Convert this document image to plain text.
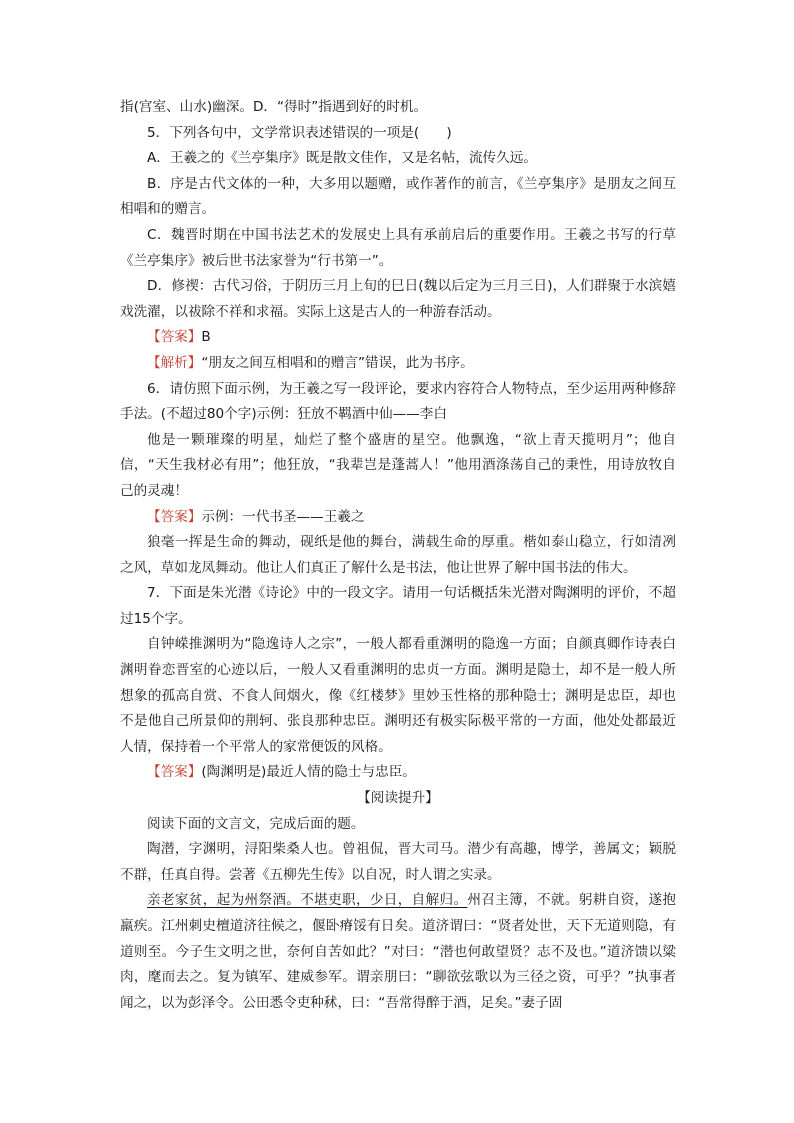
指(宫室、山水)幽深。D．“得时”指遇到好的时机。

5．下列各句中，文学常识表述错误的一项是(　　)

A．王羲之的《兰亭集序》既是散文佳作，又是名帖，流传久远。

B．序是古代文体的一种，大多用以题赠，或作著作的前言，《兰亭集序》是朋友之间互相唱和的赠言。

C．魏晋时期在中国书法艺术的发展史上具有承前启后的重要作用。王羲之书写的行草《兰亭集序》被后世书法家誉为“行书第一”。

D．修禊：古代习俗，于阴历三月上旬的巳日(魏以后定为三月三日)，人们群聚于水滨嬉戏洗濯，以祓除不祥和求福。实际上这是古人的一种游春活动。

【答案】B

【解析】“朋友之间互相唱和的赠言”错误，此为书序。

6．请仿照下面示例，为王羲之写一段评论，要求内容符合人物特点，至少运用两种修辞手法。(不超过80个字)示例：狂放不羁酒中仙——李白

他是一颗璀璨的明星，灿烂了整个盛唐的星空。他飘逸，“欲上青天揽明月”；他自信，“天生我材必有用”；他狂放，“我辈岂是蓬蒿人！”他用酒涤荡自己的秉性，用诗放牧自己的灵魂！

【答案】示例：一代书圣——王羲之

狼毫一挥是生命的舞动，砚纸是他的舞台，满载生命的厚重。楷如泰山稳立，行如清冽之风，草如龙凤舞动。他让人们真正了解什么是书法，他让世界了解中国书法的伟大。

7．下面是朱光潜《诗论》中的一段文字。请用一句话概括朱光潜对陶渊明的评价，不超过15个字。

自钟嵘推渊明为“隐逸诗人之宗”，一般人都看重渊明的隐逸一方面；自颜真卿作诗表白渊明眷恋晋室的心迹以后，一般人又看重渊明的忠贞一方面。渊明是隐士，却不是一般人所想象的孤高自赏、不食人间烟火，像《红楼梦》里妙玉性格的那种隐士；渊明是忠臣，却也不是他自己所景仰的荆轲、张良那种忠臣。渊明还有极实际极平常的一方面，他处处都最近人情，保持着一个平常人的家常便饭的风格。

【答案】(陶渊明是)最近人情的隐士与忠臣。

【阅读提升】

阅读下面的文言文，完成后面的题。

陶潜，字渊明，浔阳柴桑人也。曾祖侃，晋大司马。潜少有高趣，博学，善属文；颖脱不群，任真自得。尝著《五柳先生传》以自况，时人谓之实录。

亲老家贫，起为州祭酒。不堪吏职，少日，自解归。州召主簿，不就。躬耕自资，遂抱羸疾。江州刺史檀道济往候之，偃卧瘠馁有日矣。道济谓曰：“贤者处世，天下无道则隐，有道则至。今子生文明之世，奈何自苦如此？”对曰：“潜也何敢望贤？志不及也。”道济馈以粱肉，麾而去之。复为镇军、建威参军。谓亲朋曰：“聊欲弦歌以为三径之资，可乎？”执事者闻之，以为彭泽令。公田悉令吏种秫，曰：“吾常得醉于酒，足矣。”妻子固
